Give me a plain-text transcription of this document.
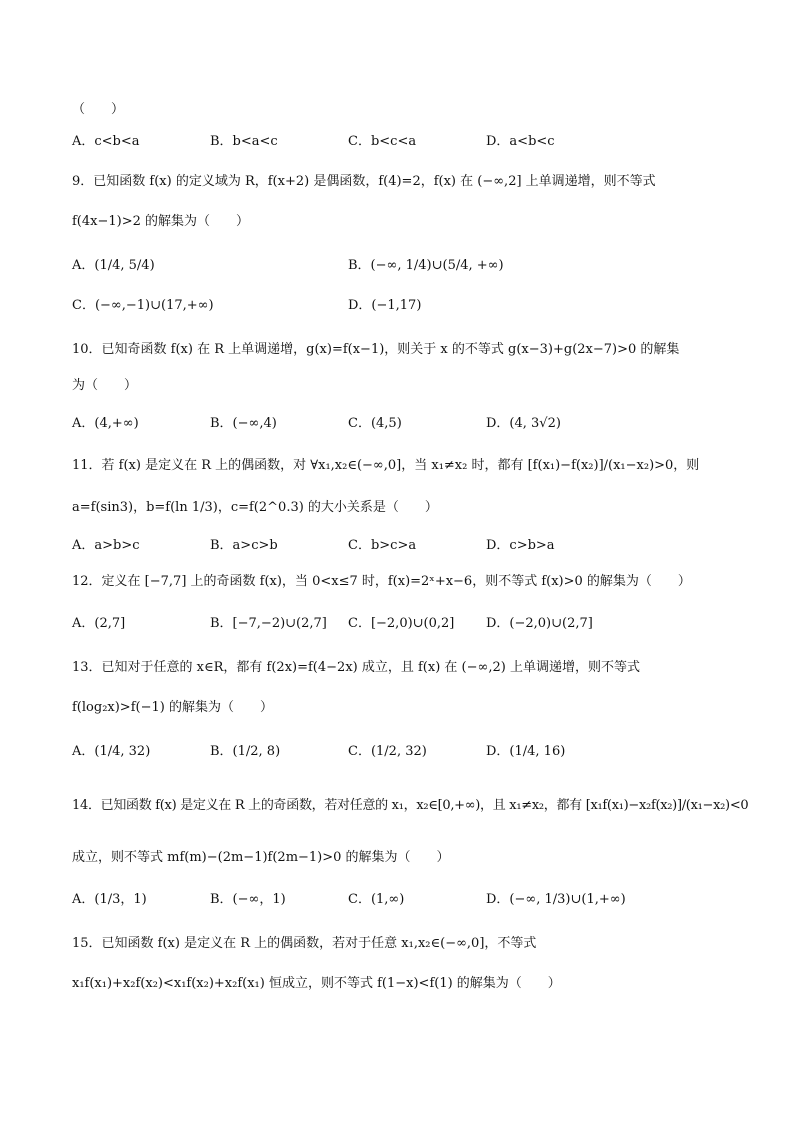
（　　）
A．c<b<a	B．b<a<c	C．b<c<a	D．a<b<c
9．已知函数 f(x) 的定义域为 R，f(x+2) 是偶函数，f(4)=2，f(x) 在 (−∞,2] 上单调递增，则不等式
f(4x−1)>2 的解集为（　　）
A．(1/4, 5/4)	B．(−∞, 1/4)∪(5/4, +∞)
C．(−∞,−1)∪(17,+∞)	D．(−1,17)
10．已知奇函数 f(x) 在 R 上单调递增，g(x)=f(x−1)，则关于 x 的不等式 g(x−3)+g(2x−7)>0 的解集
为（　　）
A．(4,+∞)	B．(−∞,4)	C．(4,5)	D．(4, 3√2)
11．若 f(x) 是定义在 R 上的偶函数，对 ∀x₁,x₂∈(−∞,0]，当 x₁≠x₂ 时，都有 [f(x₁)−f(x₂)]/(x₁−x₂)>0，则
a=f(sin3)，b=f(ln 1/3)，c=f(2^0.3) 的大小关系是（　　）
A．a>b>c	B．a>c>b	C．b>c>a	D．c>b>a
12．定义在 [−7,7] 上的奇函数 f(x)，当 0<x≤7 时，f(x)=2ˣ+x−6，则不等式 f(x)>0 的解集为（　　）
A．(2,7]	B．[−7,−2)∪(2,7] C．[−2,0)∪(0,2] D．(−2,0)∪(2,7]
13．已知对于任意的 x∈R，都有 f(2x)=f(4−2x) 成立，且 f(x) 在 (−∞,2) 上单调递增，则不等式
f(log₂x)>f(−1) 的解集为（　　）
A．(1/4, 32)	B．(1/2, 8)	C．(1/2, 32)	D．(1/4, 16)
14．已知函数 f(x) 是定义在 R 上的奇函数，若对任意的 x₁，x₂∈[0,+∞)，且 x₁≠x₂，都有 [x₁f(x₁)−x₂f(x₂)]/(x₁−x₂)<0
成立，则不等式 mf(m)−(2m−1)f(2m−1)>0 的解集为（　　）
A．(1/3，1)	B．(−∞，1)	C．(1,∞)	D．(−∞, 1/3)∪(1,+∞)
15．已知函数 f(x) 是定义在 R 上的偶函数，若对于任意 x₁,x₂∈(−∞,0]，不等式
x₁f(x₁)+x₂f(x₂)<x₁f(x₂)+x₂f(x₁) 恒成立，则不等式 f(1−x)<f(1) 的解集为（　　）
